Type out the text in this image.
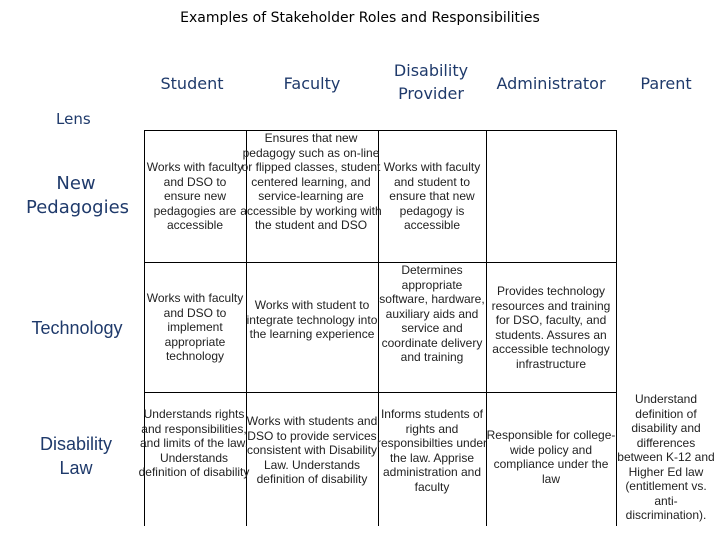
Examples of Stakeholder Roles and Responsibilities
Student	Faculty
Disability Provider
Administrator	Parent
Lens
New Pedagogies
Technology
Disability Law
Works with faculty and DSO to ensure new pedagogies are accessible
Ensures that new pedagogy such as on-line or flipped classes, student centered learning, and service-learning are accessible by working with the student and DSO
Works with faculty and student to ensure that new pedagogy is accessible
Works with faculty and DSO to implement appropriate technology
Works with student to integrate technology into the learning experience
Determines appropriate software, hardware, auxiliary aids and service and coordinate delivery and training
Provides technology resources and training for DSO, faculty, and students. Assures an accessible technology infrastructure
Understands rights and responsibilities, and limits of the law. Understands definition of disability
Works with students and DSO to provide services consistent with Disability Law. Understands definition of disability
Informs students of rights and responsibilties under the law. Apprise administration and faculty
Responsible for college-wide policy and compliance under the law
Understand definition of disability and differences between K-12 and Higher Ed law (entitlement vs. anti-discrimination).
